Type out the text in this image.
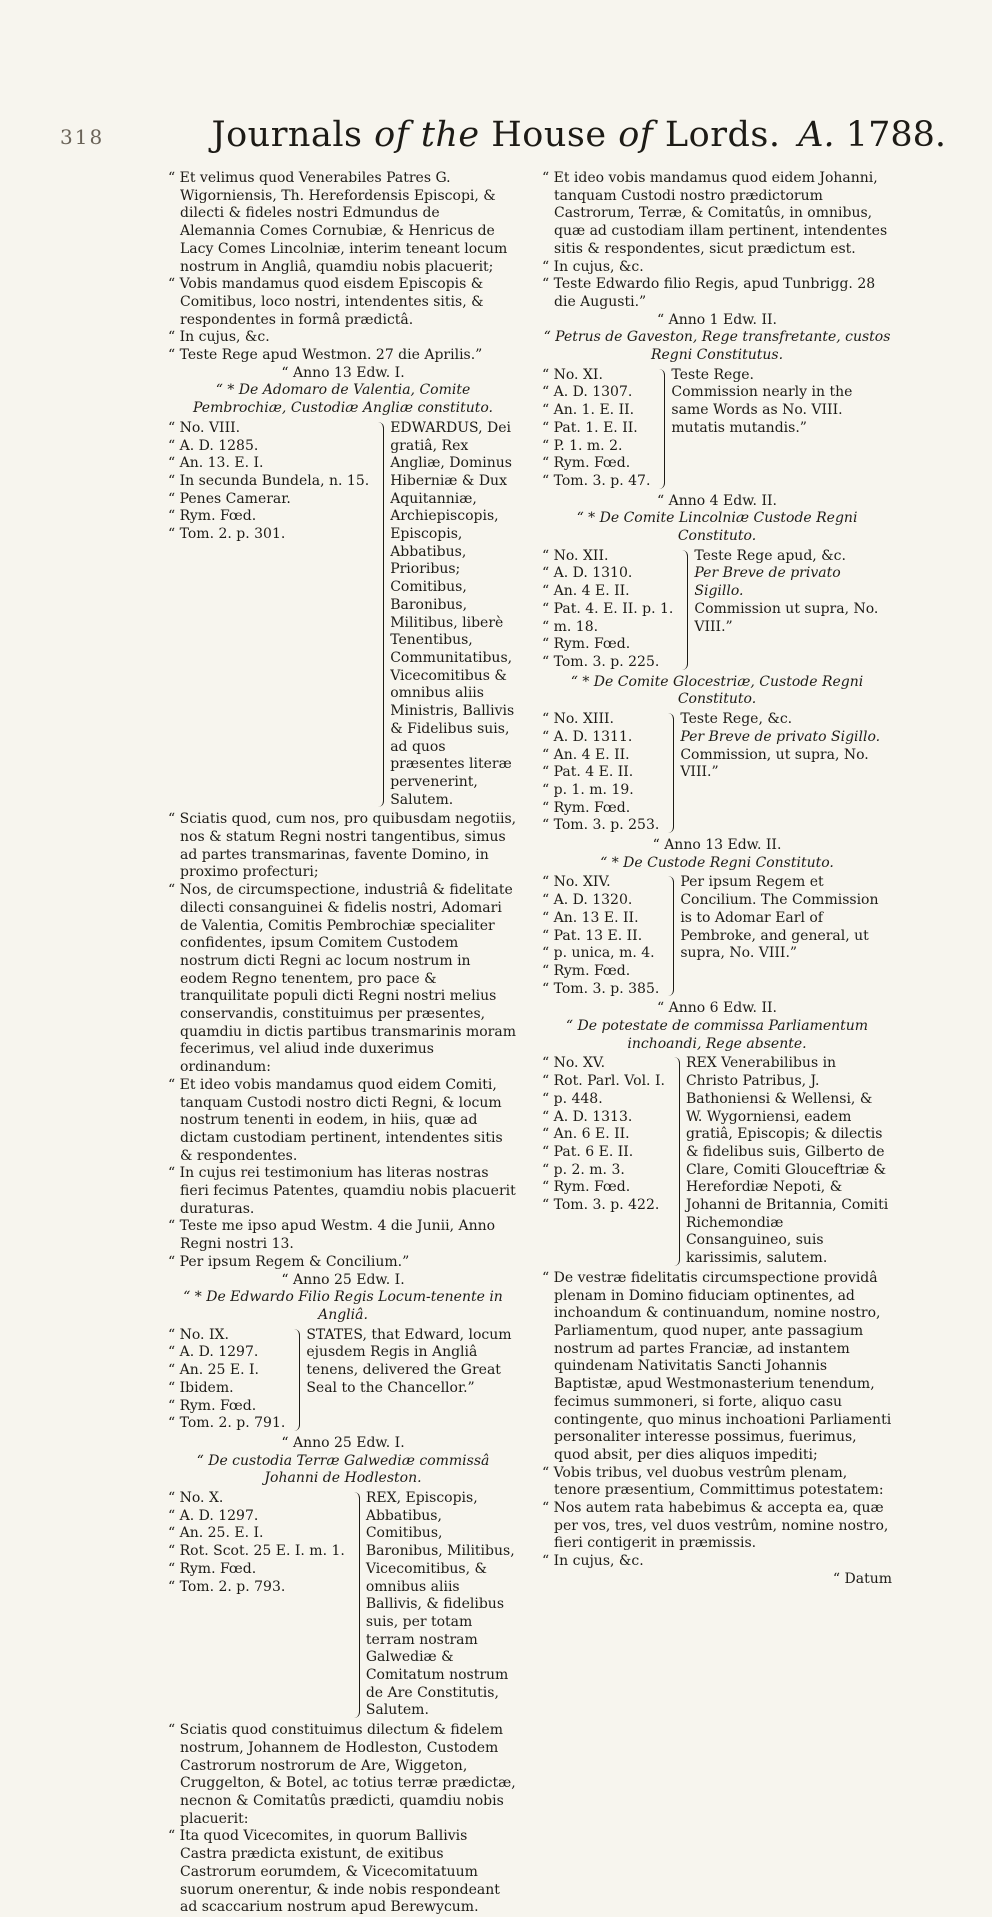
318	Journals of the House of Lords. A. 1788.

“ Et velimus quod Venerabiles Patres G. Wigorniensis, Th. Herefordensis Episcopi, & dilecti & fideles nostri Edmundus de Alemannia Comes Cornubiæ, & Henricus de Lacy Comes Lincolniæ, interim teneant locum nostrum in Angliâ, quamdiu nobis placuerit;

“ Vobis mandamus quod eisdem Episcopis & Comitibus, loco nostri, intendentes sitis, & respondentes in formâ prædictâ.

“ In cujus, &c.

“ Teste Rege apud Westmon. 27 die Aprilis.”

“ Anno 13 Edw. I.

“ * De Adomaro de Valentia, Comite Pembrochiæ, Custodiæ Angliæ constituto.

“ No. VIII.
“ A. D. 1285.
“ An. 13. E. I.
“ In secunda Bundela, n. 15.
“ Penes Camerar.
“ Rym. Fœd.
“ Tom. 2. p. 301.
EDWARDUS, Dei gratiâ, Rex Angliæ, Dominus Hiberniæ & Dux Aquitanniæ, Archiepiscopis, Episcopis, Abbatibus, Prioribus; Comitibus, Baronibus, Militibus, liberè Tenentibus, Communitatibus, Vicecomitibus & omnibus aliis Ministris, Ballivis & Fidelibus suis, ad quos præsentes literæ pervenerint, Salutem.

“ Sciatis quod, cum nos, pro quibusdam negotiis, nos & statum Regni nostri tangentibus, simus ad partes transmarinas, favente Domino, in proximo profecturi;

“ Nos, de circumspectione, industriâ & fidelitate dilecti consanguinei & fidelis nostri, Adomari de Valentia, Comitis Pembrochiæ specialiter confidentes, ipsum Comitem Custodem nostrum dicti Regni ac locum nostrum in eodem Regno tenentem, pro pace & tranquilitate populi dicti Regni nostri melius conservandis, constituimus per præsentes, quamdiu in dictis partibus transmarinis moram fecerimus, vel aliud inde duxerimus ordinandum:

“ Et ideo vobis mandamus quod eidem Comiti, tanquam Custodi nostro dicti Regni, & locum nostrum tenenti in eodem, in hiis, quæ ad dictam custodiam pertinent, intendentes sitis & respondentes.

“ In cujus rei testimonium has literas nostras fieri fecimus Patentes, quamdiu nobis placuerit duraturas.

“ Teste me ipso apud Westm. 4 die Junii, Anno Regni nostri 13.

“ Per ipsum Regem & Concilium.”

“ Anno 25 Edw. I.

“ * De Edwardo Filio Regis Locum-tenente in Angliâ.

“ No. IX.
“ A. D. 1297.
“ An. 25 E. I.
“ Ibidem.
“ Rym. Fœd.
“ Tom. 2. p. 791.
STATES, that Edward, locum ejusdem Regis in Angliâ tenens, delivered the Great Seal to the Chancellor.”

“ Anno 25 Edw. I.

“ De custodia Terræ Galwediæ commissâ Johanni de Hodleston.

“ No. X.
“ A. D. 1297.
“ An. 25. E. I.
“ Rot. Scot. 25 E. I. m. 1.
“ Rym. Fœd.
“ Tom. 2. p. 793.
REX, Episcopis, Abbatibus, Comitibus, Baronibus, Militibus, Vicecomitibus, & omnibus aliis Ballivis, & fidelibus suis, per totam terram nostram Galwediæ & Comitatum nostrum de Are Constitutis, Salutem.

“ Sciatis quod constituimus dilectum & fidelem nostrum, Johannem de Hodleston, Custodem Castrorum nostrorum de Are, Wiggeton, Cruggelton, & Botel, ac totius terræ prædictæ, necnon & Comitatûs prædicti, quamdiu nobis placuerit:

“ Ita quod Vicecomites, in quorum Ballivis Castra prædicta existunt, de exitibus Castrorum eorumdem, & Vicecomitatuum suorum onerentur, & inde nobis respondeant ad scaccarium nostrum apud Berewycum.

“ Et ideo vobis mandamus quod eidem Johanni, tanquam Custodi nostro prædictorum Castrorum, Terræ, & Comitatûs, in omnibus, quæ ad custodiam illam pertinent, intendentes sitis & respondentes, sicut prædictum est.

“ In cujus, &c.

“ Teste Edwardo filio Regis, apud Tunbrigg. 28 die Augusti.”

“ Anno 1 Edw. II.

“ Petrus de Gaveston, Rege transfretante, custos Regni Constitutus.

“ No. XI.
“ A. D. 1307.
“ An. 1. E. II.
“ Pat. 1. E. II.
“ P. 1. m. 2.
“ Rym. Fœd.
“ Tom. 3. p. 47.
Teste Rege.
Commission nearly in the same Words as No. VIII. mutatis mutandis.”

“ Anno 4 Edw. II.

“ * De Comite Lincolniæ Custode Regni Constituto.

“ No. XII.
“ A. D. 1310.
“ An. 4 E. II.
“ Pat. 4. E. II. p. 1.
“ m. 18.
“ Rym. Fœd.
“ Tom. 3. p. 225.
Teste Rege apud, &c.
Per Breve de privato Sigillo.
Commission ut supra, No. VIII.”

“ * De Comite Glocestriæ, Custode Regni Constituto.

“ No. XIII.
“ A. D. 1311.
“ An. 4 E. II.
“ Pat. 4 E. II.
“ p. 1. m. 19.
“ Rym. Fœd.
“ Tom. 3. p. 253.
Teste Rege, &c.
Per Breve de privato Sigillo.
Commission, ut supra, No. VIII.”

“ Anno 13 Edw. II.

“ * De Custode Regni Constituto.

“ No. XIV.
“ A. D. 1320.
“ An. 13 E. II.
“ Pat. 13 E. II.
“ p. unica, m. 4.
“ Rym. Fœd.
“ Tom. 3. p. 385.
Per ipsum Regem et Concilium. The Commission is to Adomar Earl of Pembroke, and general, ut supra, No. VIII.”

“ Anno 6 Edw. II.

“ De potestate de commissa Parliamentum inchoandi, Rege absente.

“ No. XV.
“ Rot. Parl. Vol. I.
“ p. 448.
“ A. D. 1313.
“ An. 6 E. II.
“ Pat. 6 E. II.
“ p. 2. m. 3.
“ Rym. Fœd.
“ Tom. 3. p. 422.
REX Venerabilibus in Christo Patribus, J. Bathoniensi & Wellensi, & W. Wygorniensi, eadem gratiâ, Episcopis; & dilectis & fidelibus suis, Gilberto de Clare, Comiti Glouceftriæ & Herefordiæ Nepoti, & Johanni de Britannia, Comiti Richemondiæ Consanguineo, suis karissimis, salutem.

“ De vestræ fidelitatis circumspectione providâ plenam in Domino fiduciam optinentes, ad inchoandum & continuandum, nomine nostro, Parliamentum, quod nuper, ante passagium nostrum ad partes Franciæ, ad instantem quindenam Nativitatis Sancti Johannis Baptistæ, apud Westmonasterium tenendum, fecimus summoneri, si forte, aliquo casu contingente, quo minus inchoationi Parliamenti personaliter interesse possimus, fuerimus, quod absit, per dies aliquos impediti;

“ Vobis tribus, vel duobus vestrûm plenam, tenore præsentium, Committimus potestatem:

“ Nos autem rata habebimus & accepta ea, quæ per vos, tres, vel duos vestrûm, nomine nostro, fieri contigerit in præmissis.

“ In cujus, &c.

“ Datum
